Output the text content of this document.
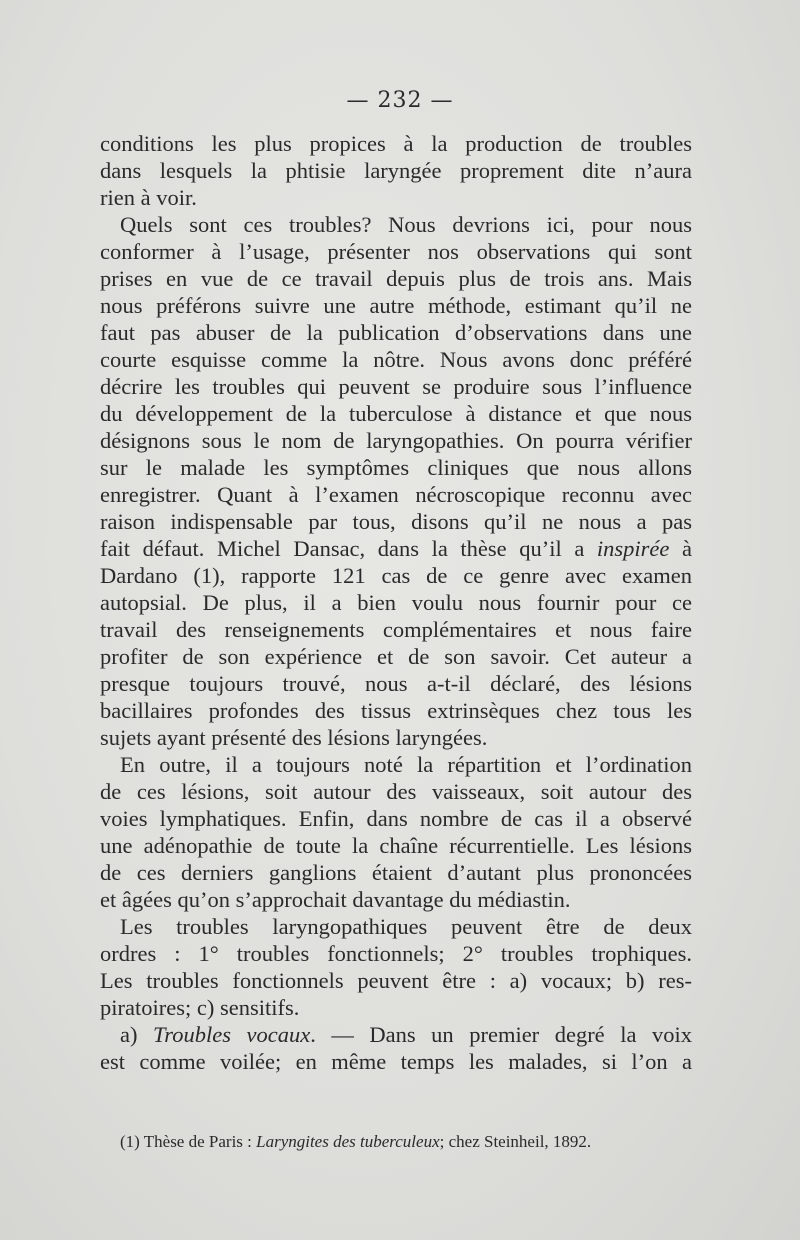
— 232 —
conditions les plus propices à la production de troubles
dans lesquels la phtisie laryngée proprement dite n’aura
rien à voir.
Quels sont ces troubles? Nous devrions ici, pour nous
conformer à l’usage, présenter nos observations qui sont
prises en vue de ce travail depuis plus de trois ans. Mais
nous préférons suivre une autre méthode, estimant qu’il ne
faut pas abuser de la publication d’observations dans une
courte esquisse comme la nôtre. Nous avons donc préféré
décrire les troubles qui peuvent se produire sous l’influence
du développement de la tuberculose à distance et que nous
désignons sous le nom de laryngopathies. On pourra vérifier
sur le malade les symptômes cliniques que nous allons
enregistrer. Quant à l’examen nécroscopique reconnu avec
raison indispensable par tous, disons qu’il ne nous a pas
fait défaut. Michel Dansac, dans la thèse qu’il a inspirée à
Dardano (1), rapporte 121 cas de ce genre avec examen
autopsial. De plus, il a bien voulu nous fournir pour ce
travail des renseignements complémentaires et nous faire
profiter de son expérience et de son savoir. Cet auteur a
presque toujours trouvé, nous a-t-il déclaré, des lésions
bacillaires profondes des tissus extrinsèques chez tous les
sujets ayant présenté des lésions laryngées.
En outre, il a toujours noté la répartition et l’ordination
de ces lésions, soit autour des vaisseaux, soit autour des
voies lymphatiques. Enfin, dans nombre de cas il a observé
une adénopathie de toute la chaîne récurrentielle. Les lésions
de ces derniers ganglions étaient d’autant plus prononcées
et âgées qu’on s’approchait davantage du médiastin.
Les troubles laryngopathiques peuvent être de deux
ordres : 1° troubles fonctionnels; 2° troubles trophiques.
Les troubles fonctionnels peuvent être : a) vocaux; b) res-
piratoires; c) sensitifs.
a) Troubles vocaux. — Dans un premier degré la voix
est comme voilée; en même temps les malades, si l’on a
(1) Thèse de Paris : Laryngites des tuberculeux; chez Steinheil, 1892.
